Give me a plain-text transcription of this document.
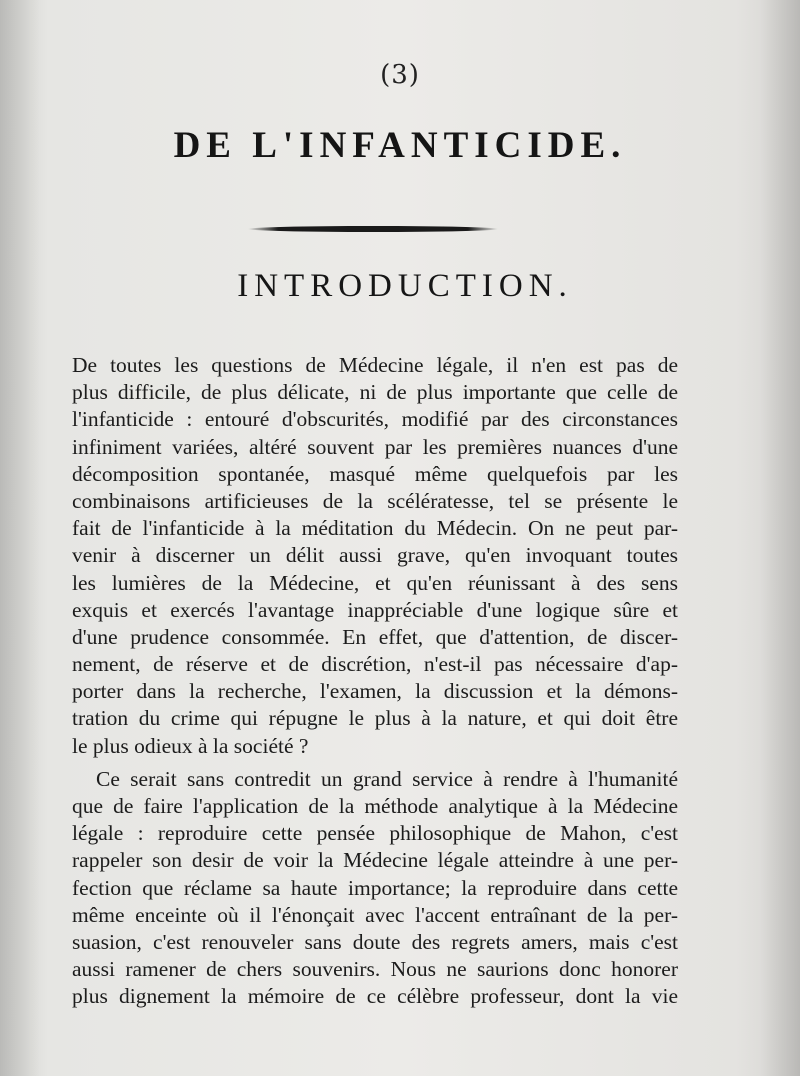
(3)
DE L'INFANTICIDE.
INTRODUCTION.
De toutes les questions de Médecine légale, il n'en est pas de
plus difficile, de plus délicate, ni de plus importante que celle de
l'infanticide : entouré d'obscurités, modifié par des circonstances
infiniment variées, altéré souvent par les premières nuances d'une
décomposition spontanée, masqué même quelquefois par les
combinaisons artificieuses de la scélératesse, tel se présente le
fait de l'infanticide à la méditation du Médecin. On ne peut par-
venir à discerner un délit aussi grave, qu'en invoquant toutes
les lumières de la Médecine, et qu'en réunissant à des sens
exquis et exercés l'avantage inappréciable d'une logique sûre et
d'une prudence consommée. En effet, que d'attention, de discer-
nement, de réserve et de discrétion, n'est-il pas nécessaire d'ap-
porter dans la recherche, l'examen, la discussion et la démons-
tration du crime qui répugne le plus à la nature, et qui doit être
le plus odieux à la société ?
Ce serait sans contredit un grand service à rendre à l'humanité
que de faire l'application de la méthode analytique à la Médecine
légale : reproduire cette pensée philosophique de Mahon, c'est
rappeler son desir de voir la Médecine légale atteindre à une per-
fection que réclame sa haute importance; la reproduire dans cette
même enceinte où il l'énonçait avec l'accent entraînant de la per-
suasion, c'est renouveler sans doute des regrets amers, mais c'est
aussi ramener de chers souvenirs. Nous ne saurions donc honorer
plus dignement la mémoire de ce célèbre professeur, dont la vie
